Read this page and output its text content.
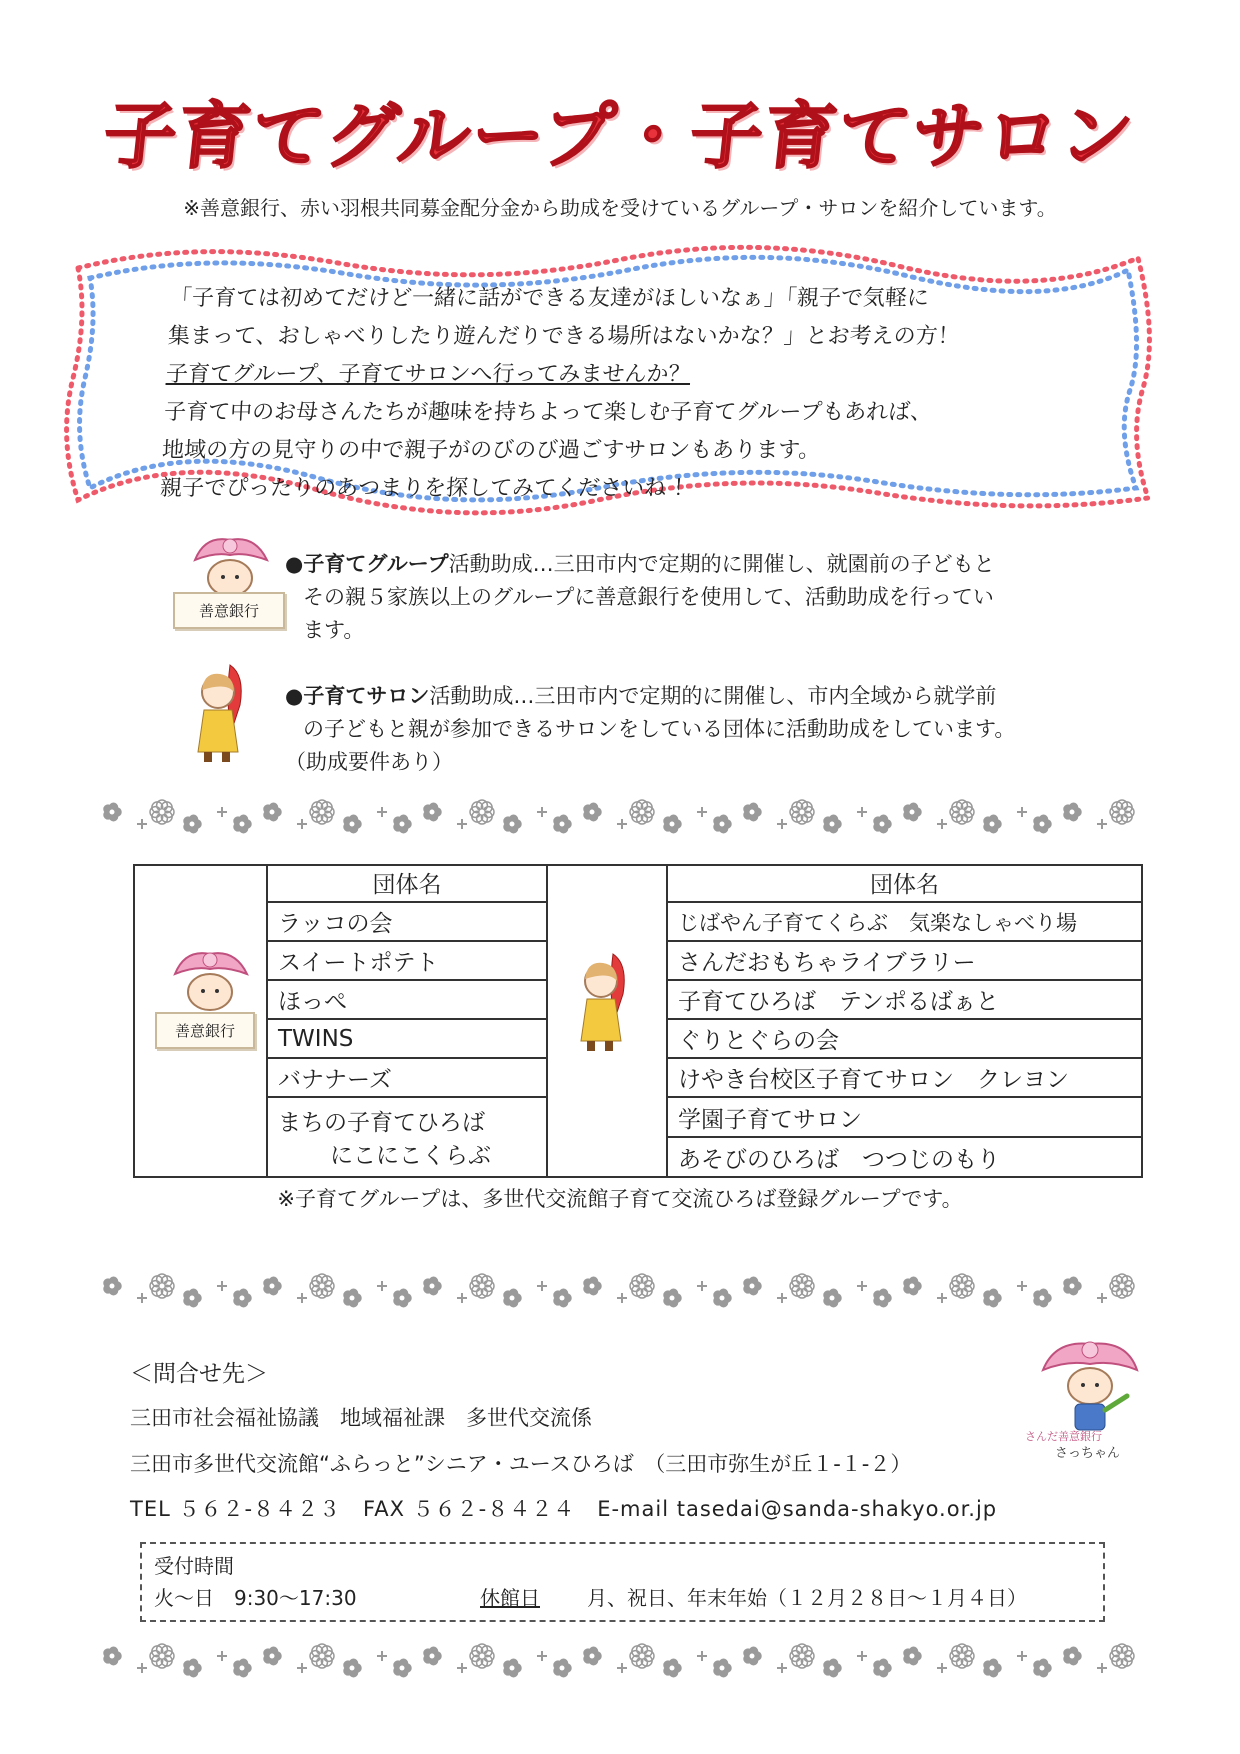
子育てグループ・子育てサロン
※善意銀行、赤い羽根共同募金配分金から助成を受けているグループ・サロンを紹介しています。
「子育ては初めてだけど一緒に話ができる友達がほしいなぁ」「親子で気軽に
集まって、おしゃべりしたり遊んだりできる場所はないかな？」とお考えの方！
子育てグループ、子育てサロンへ行ってみませんか？
子育て中のお母さんたちが趣味を持ちよって楽しむ子育てグループもあれば、
地域の方の見守りの中で親子がのびのび過ごすサロンもあります。
親子でぴったりのあつまりを探してみてくださいね ！
善意銀行
●子育てグループ活動助成…三田市内で定期的に開催し、就園前の子どもと
その親５家族以上のグループに善意銀行を使用して、活動助成を行ってい
ます。
●子育てサロン活動助成…三田市内で定期的に開催し、市内全域から就学前
の子どもと親が参加できるサロンをしている団体に活動助成をしています。
（助成要件あり）
善意銀行
団体名
ラッコの会
スイートポテト
ほっぺ
TWINS
バナナーズ
まちの子育てひろば
にこにこくらぶ
団体名
じばやん子育てくらぶ　気楽なしゃべり場
さんだおもちゃライブラリー
子育てひろば　テンポるばぁと
ぐりとぐらの会
けやき台校区子育てサロン　クレヨン
学園子育てサロン
あそびのひろば　つつじのもり
※子育てグループは、多世代交流館子育て交流ひろば登録グループです。
＜問合せ先＞
三田市社会福祉協議　地域福祉課　多世代交流係
三田市多世代交流館“ふらっと”シニア・ユースひろば　（三田市弥生が丘１-１-２）
TEL ５６２-８４２３　FAX ５６２-８４２４　E-mail tasedai@sanda-shakyo.or.jp
さんだ善意銀行
さっちゃん
受付時間
火～日　9:30～17:30	休館日 月、祝日、年末年始（１２月２８日～１月４日）
